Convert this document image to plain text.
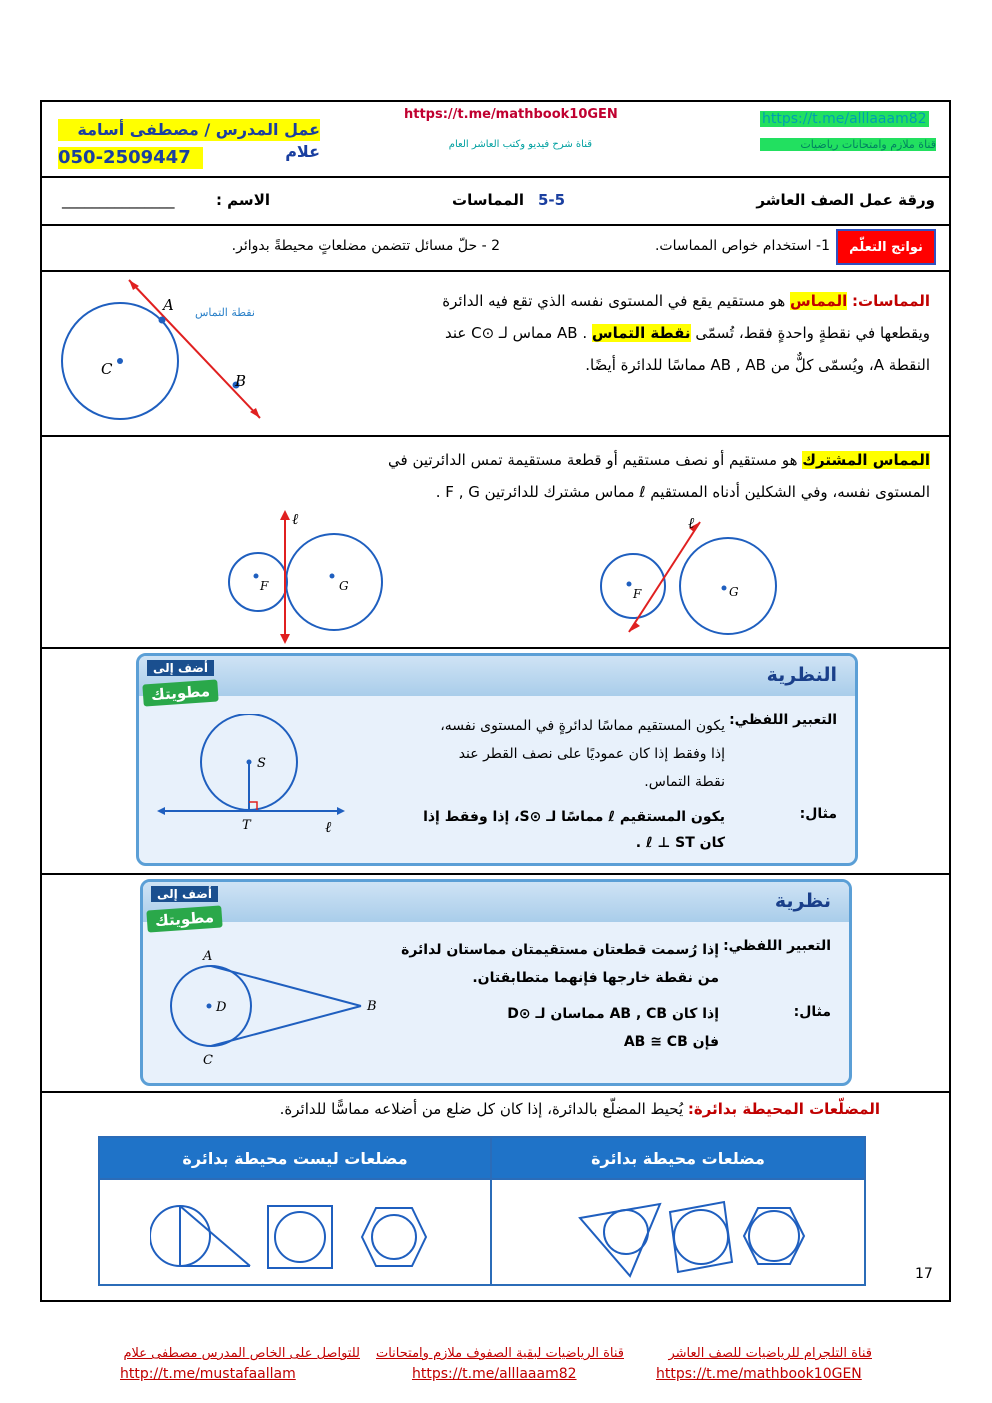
عمل المدرس / مصطفى أسامة علام
050-2509447
https://t.me/mathbook10GEN
قناة شرح فيديو وكتب العاشر العام
https://t.me/alllaaam82
قناة ملازم وامتحانات رياضيات
ورقة عمل الصف العاشر
5-5
المماسات
الاسم :
_______________
نواتج التعلّم
1- استخدام خواص المماسات.
2 - حلّ مسائل تتضمن مضلعاتٍ محيطةً بدوائر.
المماسات: المماس هو مستقيم يقع في المستوى نفسه الذي تقع فيه الدائرة
ويقطعها في نقطةٍ واحدةٍ فقط، تُسمّى نقطة التماس . AB مماس لـ ⊙C عند
النقطة A، ويُسمّى كلٌّ من AB , AB مماسًا للدائرة أيضًا.
A
B
C
نقطة التماس
المماس المشترك هو مستقيم أو نصف مستقيم أو قطعة مستقيمة تمس الدائرتين في
المستوى نفسه، وفي الشكلين أدناه المستقيم ℓ مماس مشترك للدائرتين F , G .
ℓ
F	G
ℓ
F	G
النظرية
أضف إلى
مطويتك
التعبير اللفظي:
يكون المستقيم مماسًا لدائرةٍ في المستوى نفسه،
إذا وفقط إذا كان عموديًا على نصف القطر عند
نقطة التماس.
مثال:
يكون المستقيم ℓ مماسًا لـ ⊙S، إذا وفقط إذا
كان ℓ ⊥ ST .
S
T	ℓ
نظرية
أضف إلى
مطويتك
التعبير اللفظي:
إذا رُسمت قطعتان مستقيمتان مماستان لدائرة
من نقطة خارجها فإنهما متطابقتان.
مثال:
إذا كان AB , CB مماسان لـ ⊙D
فإن AB ≅ CB
A
B
C
D
المضلّعات المحيطة بدائرة: يُحيط المضلّع بالدائرة، إذا كان كل ضلع من أضلاعه مماسًّا للدائرة.
مضلعات محيطة بدائرة
مضلعات ليست محيطة بدائرة
17
قناة التلجرام للرياضيات للصف العاشر
قناة الرياضيات لبقية الصفوف ملازم وامتحانات
للتواصل على الخاص المدرس مصطفى علام
https://t.me/mathbook10GEN
https://t.me/alllaaam82
http://t.me/mustafaallam
